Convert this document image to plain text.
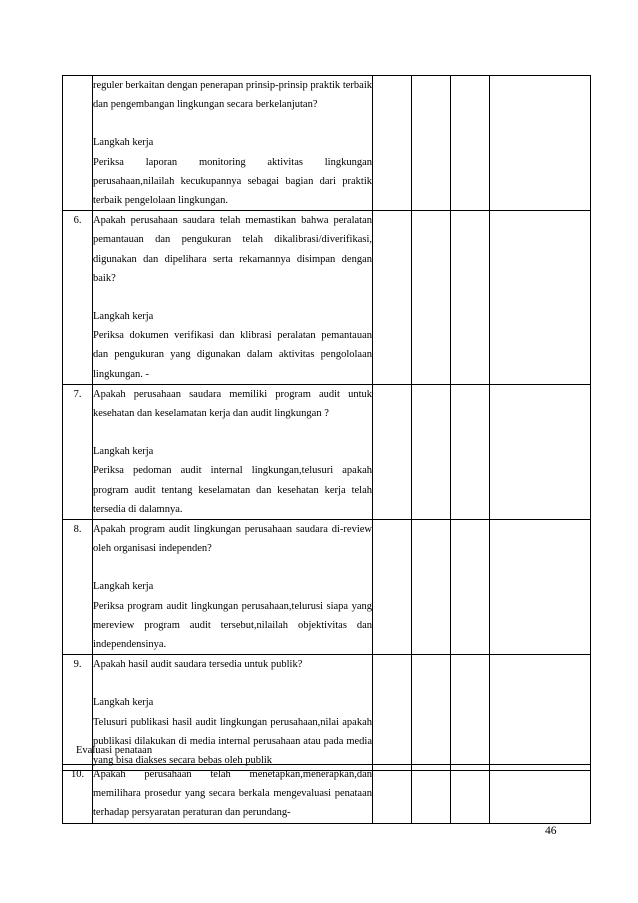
	reguler berkaitan dengan penerapan prinsip-prinsip praktik terbaik dan pengembangan lingkungan secara berkelanjutan?

Langkah kerja

Periksa laporan monitoring aktivitas lingkungan perusahaan,nilailah kecukupannya sebagai bagian dari praktik terbaik pengelolaan lingkungan.				

6.	Apakah perusahaan saudara telah memastikan bahwa peralatan pemantauan dan pengukuran telah dikalibrasi/diverifikasi, digunakan dan dipelihara serta rekamannya disimpan dengan baik?

Langkah kerja

Periksa dokumen verifikasi dan klibrasi peralatan pemantauan dan pengukuran yang digunakan dalam aktivitas pengololaan lingkungan. -				

7.	Apakah perusahaan saudara memiliki program audit untuk kesehatan dan keselamatan kerja dan audit lingkungan ?

Langkah kerja

Periksa pedoman audit internal lingkungan,telusuri apakah program audit tentang keselamatan dan kesehatan kerja telah tersedia di dalamnya.				

8.	Apakah program audit lingkungan perusahaan saudara di-review oleh organisasi independen?

Langkah kerja

Periksa program audit lingkungan perusahaan,telurusi siapa yang mereview program audit tersebut,nilailah objektivitas dan independensinya.				

9.	Apakah hasil audit saudara tersedia untuk publik?

Langkah kerja

Telusuri publikasi hasil audit lingkungan perusahaan,nilai apakah publikasi dilakukan di media internal perusahaan atau pada media yang bisa diakses secara bebas oleh publik				

Evaluasi penataan
10.	Apakah perusahaan telah menetapkan,menerapkan,dan memilihara prosedur yang secara berkala mengevaluasi penataan terhadap persyaratan peraturan dan perundang-

46
